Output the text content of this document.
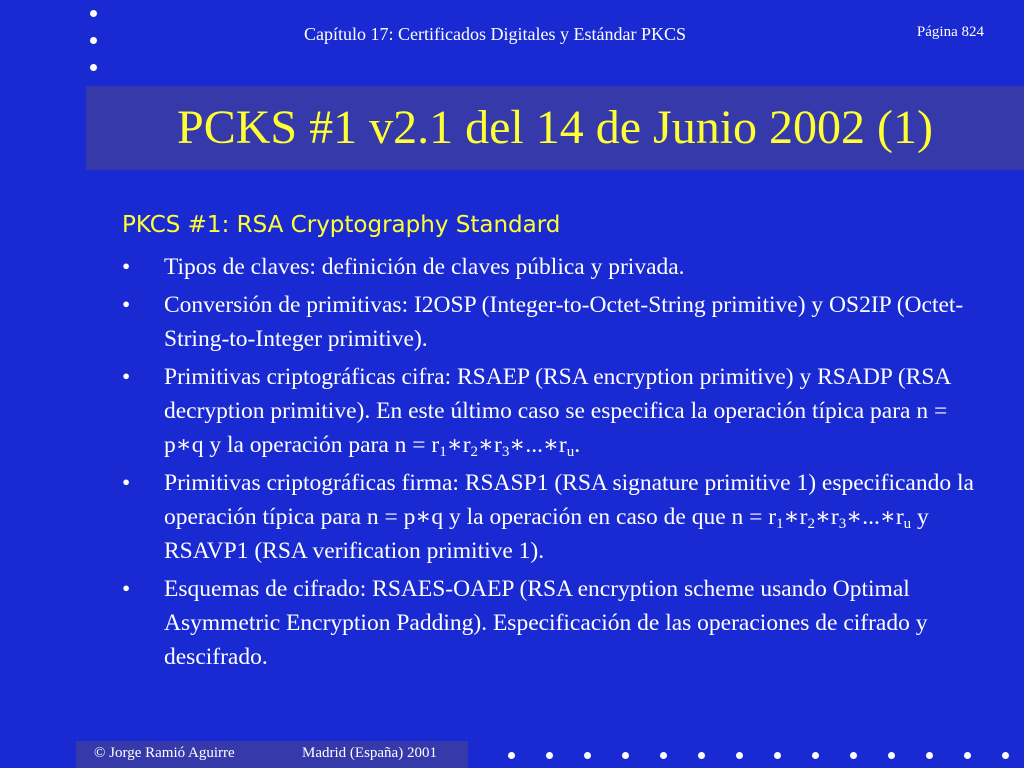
Capítulo 17: Certificados Digitales y Estándar PKCS	Página 824
PCKS #1 v2.1 del 14 de Junio 2002 (1)
PKCS #1: RSA Cryptography Standard
• Tipos de claves: definición de claves pública y privada.
• Conversión de primitivas: I2OSP (Integer-to-Octet-String primitive) y OS2IP (Octet-String-to-Integer primitive).
• Primitivas criptográficas cifra: RSAEP (RSA encryption primitive) y RSADP (RSA decryption primitive). En este último caso se especifica la operación típica para n = p∗q y la operación para $n = r_1∗r_2∗r_3∗...∗r_u$.
• Primitivas criptográficas firma: RSASP1 (RSA signature primitive 1) especificando la operación típica para n = p∗q y la operación en caso de que $n = r_1∗r_2∗r_3∗...∗r_u$ y RSAVP1 (RSA verification primitive 1).
• Esquemas de cifrado: RSAES-OAEP (RSA encryption scheme usando Optimal Asymmetric Encryption Padding). Especificación de las operaciones de cifrado y descifrado.
© Jorge Ramió Aguirre	Madrid (España) 2001
